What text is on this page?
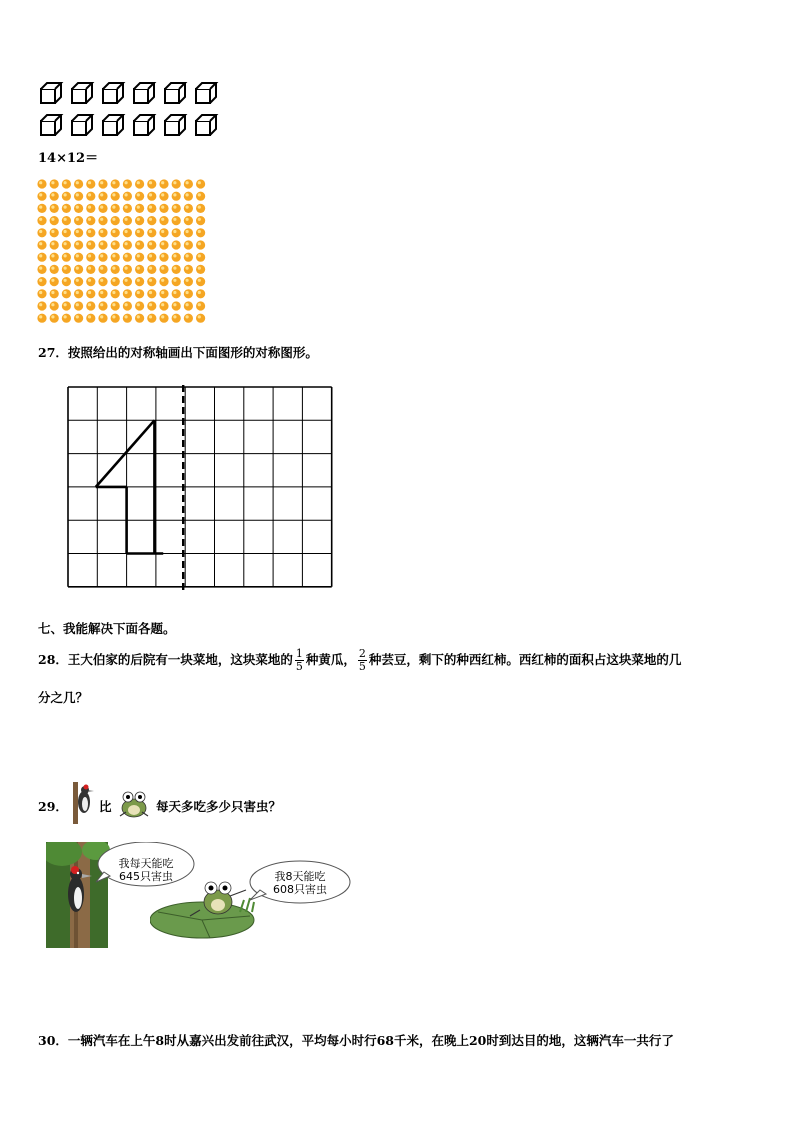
14×12＝
27．按照给出的对称轴画出下面图形的对称图形。
七、我能解决下面各题。
28．王大伯家的后院有一块菜地，这块菜地的 $\frac{1}{5}$ 种黄瓜， $\frac{2}{5}$ 种芸豆，剩下的种西红柿。西红柿的面积占这块菜地的几
分之几？
29． 比	每天多吃多少只害虫？
我每天能吃
645只害虫	我8天能吃
608只害虫
30．一辆汽车在上午8时从嘉兴出发前往武汉，平均每小时行68千米，在晚上20时到达目的地，这辆汽车一共行了
